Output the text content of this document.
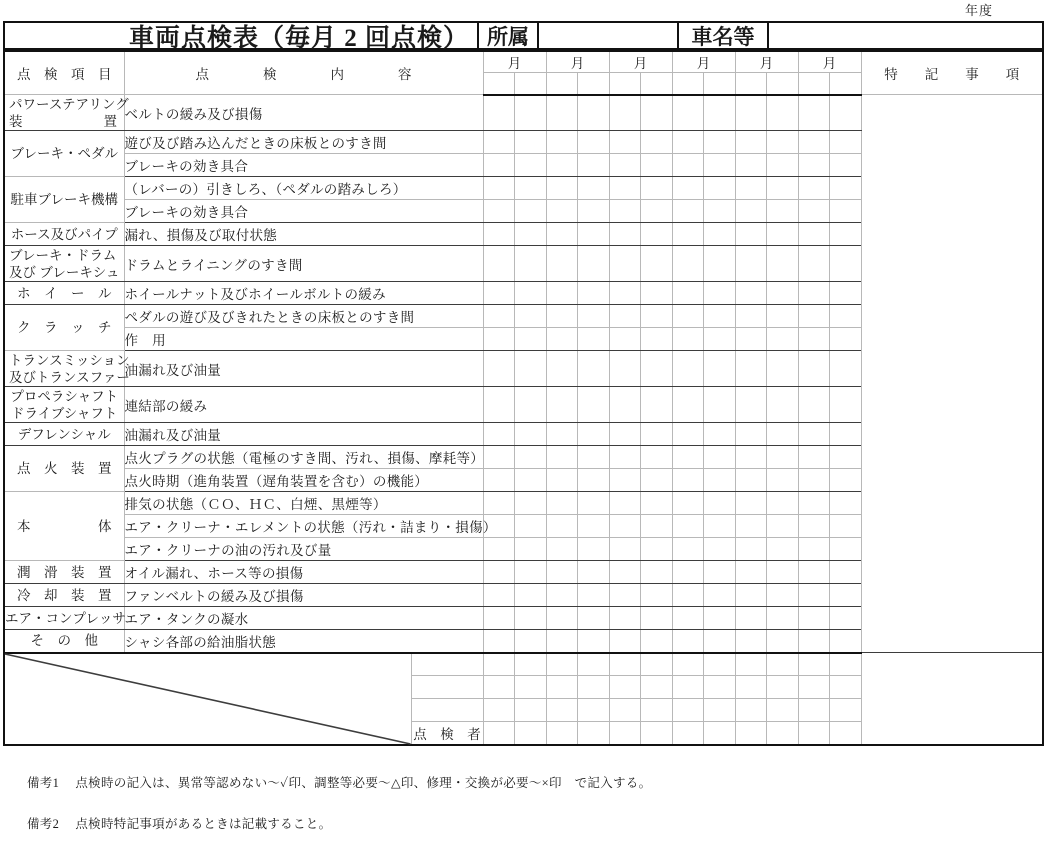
年度
車両点検表（毎月 2 回点検） 所属	車名等
点　検　項　目	点　　　　検　　　　内　　　　容		月		月		月		月		月		月		特　　記　　事　　項

パワーステアリング
装　　　　　　置	ベルトの緩み及び損傷														

ブレーキ・ペダル	遊び及び踏み込んだときの床板とのすき間														
	ブレーキの効き具合														

駐車ブレーキ機構	（レバーの）引きしろ、（ペダルの踏みしろ）														
	ブレーキの効き具合														

ホース及びパイプ	漏れ、損傷及び取付状態														

ブレーキ・ドラム
及び ブレーキシュ	ドラムとライニングのすき間														

ホ　イ　ー　ル	ホイールナット及びホイールボルトの緩み														

ク　ラ　ッ　チ	ペダルの遊び及びきれたときの床板とのすき間														
	作　用														

トランスミッション
及びトランスファー	油漏れ及び油量														

プロペラシャフト
ドライブシャフト	連結部の緩み														

デフレンシャル	油漏れ及び油量														

点　火　装　置	点火プラグの状態（電極のすき間、汚れ、損傷、摩耗等）														
	点火時期（進角装置（遅角装置を含む）の機能）														

本　　　　　体	排気の状態（ＣＯ、ＨＣ、白煙、黒煙等）														
	エア・クリーナ・エレメントの状態（汚れ・詰まり・損傷）														
	エア・クリーナの油の汚れ及び量														

潤　滑　装　置	オイル漏れ、ホース等の損傷														

冷　却　装　置	ファンベルトの緩み及び損傷														

エア・コンプレッサ	エア・タンクの凝水														

そ　の　他	シャシ各部の給油脂状態														

		点　検　者													

備考1　 点検時の記入は、異常等認めない～✓印、調整等必要～△印、修理・交換が必要～×印　で記入する。

備考2　 点検時特記事項があるときは記載すること。
